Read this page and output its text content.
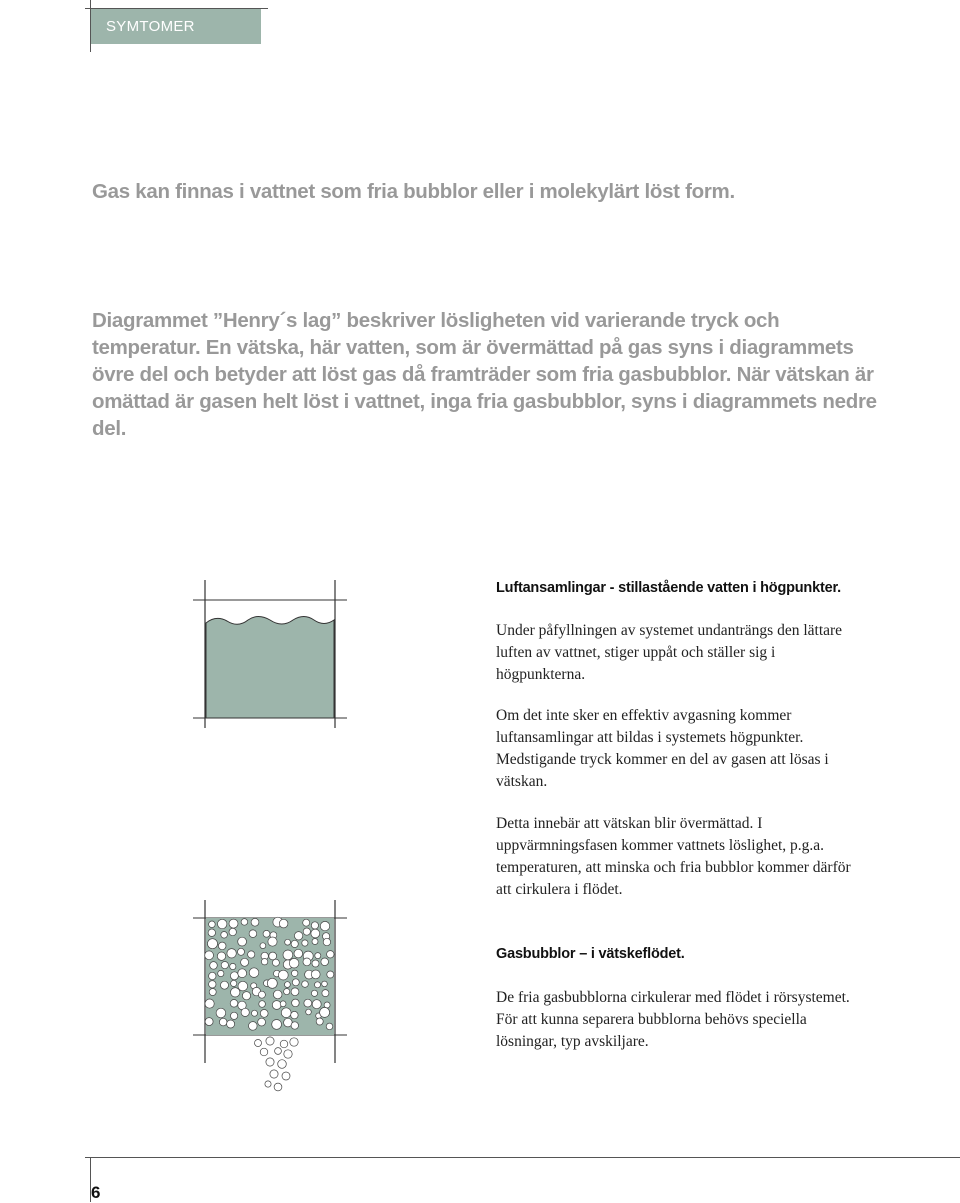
SYMTOMER

Gas kan finnas i vattnet som fria bubblor eller i molekylärt löst form.

Diagrammet ”Henry´s lag” beskriver lösligheten vid varierande tryck och temperatur. En vätska, här vatten, som är övermättad på gas syns i diagrammets övre del och betyder att löst gas då framträder som fria gasbubblor. När vätskan är omättad är gasen helt löst i vattnet, inga fria gasbubblor, syns i diagrammets nedre del.

Luftansamlingar - stillastående vatten i högpunkter.

Under påfyllningen av systemet undanträngs den lättare luften av vattnet, stiger uppåt och ställer sig i högpunkterna.

Om det inte sker en effektiv avgasning kommer luftansamlingar att bildas i systemets högpunkter. Medstigande tryck kommer en del av gasen att lösas i vätskan.

Detta innebär att vätskan blir övermättad. I uppvärmningsfasen kommer vattnets löslighet, p.g.a. temperaturen, att minska och fria bubblor kommer därför att cirkulera i flödet.

Gasbubblor – i vätskeflödet.

De fria gasbubblorna cirkulerar med flödet i rörsystemet. För att kunna separera bubblorna behövs speciella lösningar, typ avskiljare.

6
